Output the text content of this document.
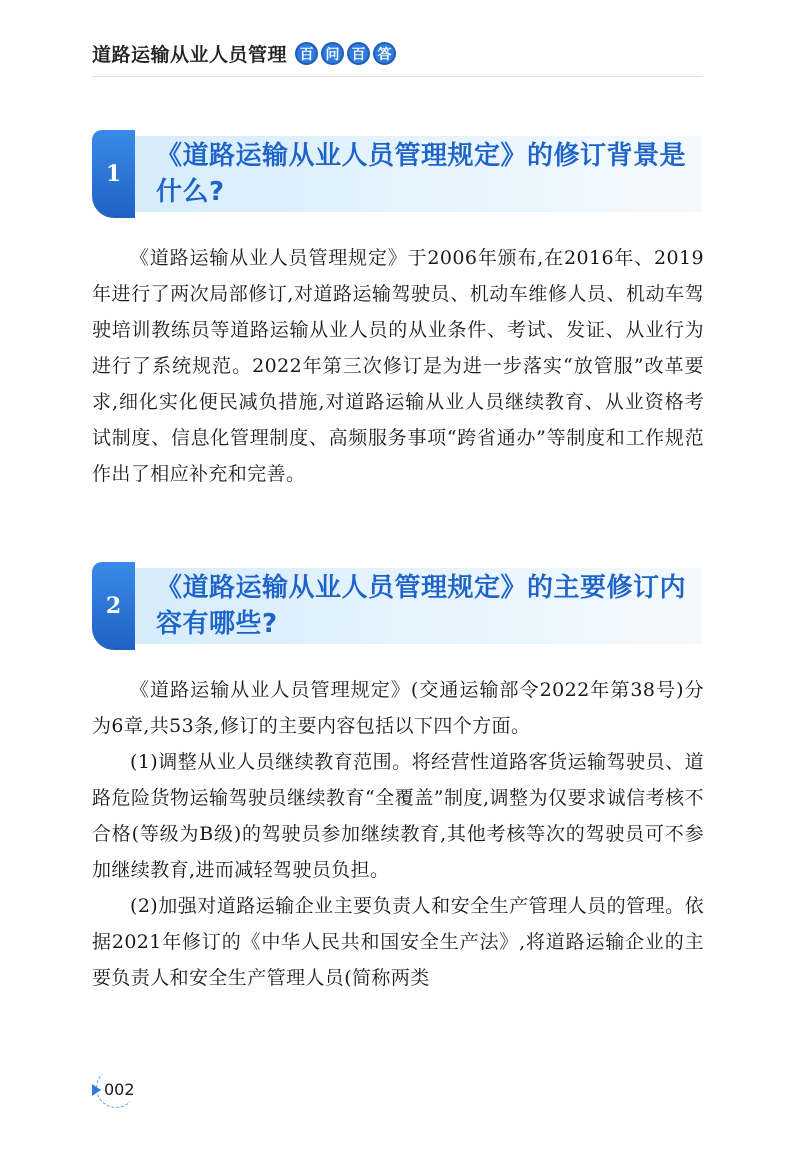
道路运输从业人员管理 百 问 百 答
1
《道路运输从业人员管理规定》的修订背景是什么?

《道路运输从业人员管理规定》于2006年颁布,在2016年、2019年进行了两次局部修订,对道路运输驾驶员、机动车维修人员、机动车驾驶培训教练员等道路运输从业人员的从业条件、考试、发证、从业行为进行了系统规范。2022年第三次修订是为进一步落实“放管服”改革要求,细化实化便民减负措施,对道路运输从业人员继续教育、从业资格考试制度、信息化管理制度、高频服务事项“跨省通办”等制度和工作规范作出了相应补充和完善。

2
《道路运输从业人员管理规定》的主要修订内容有哪些?

《道路运输从业人员管理规定》(交通运输部令2022年第38号)分为6章,共53条,修订的主要内容包括以下四个方面。

(1)调整从业人员继续教育范围。将经营性道路客货运输驾驶员、道路危险货物运输驾驶员继续教育“全覆盖”制度,调整为仅要求诚信考核不合格(等级为B级)的驾驶员参加继续教育,其他考核等次的驾驶员可不参加继续教育,进而减轻驾驶员负担。

(2)加强对道路运输企业主要负责人和安全生产管理人员的管理。依据2021年修订的《中华人民共和国安全生产法》,将道路运输企业的主要负责人和安全生产管理人员(简称两类

002
